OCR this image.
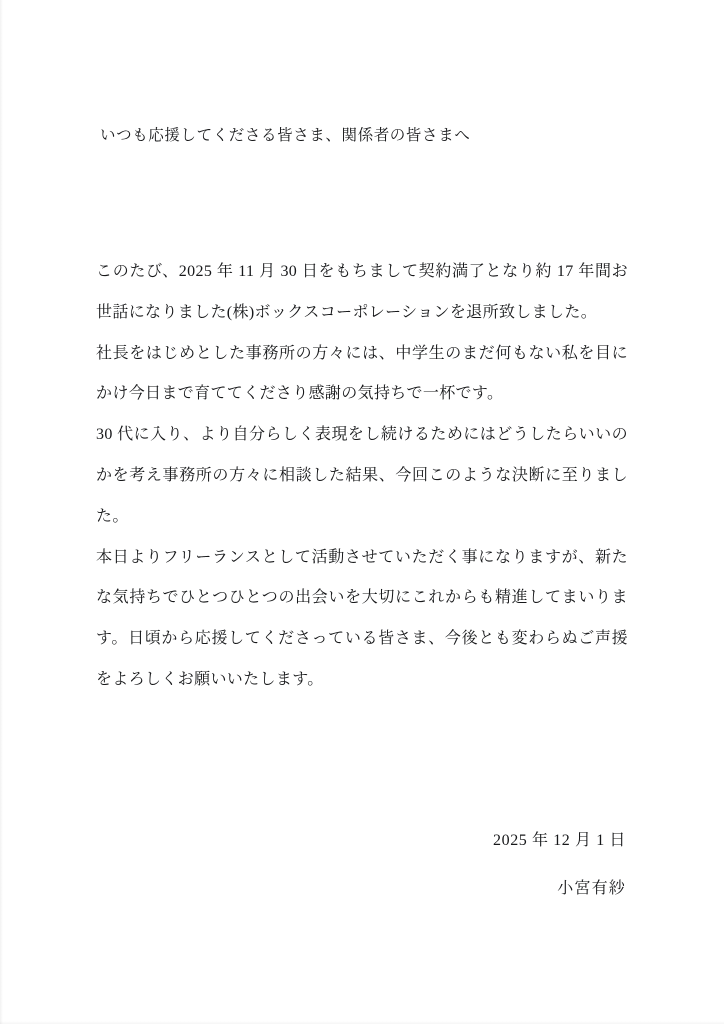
いつも応援してくださる皆さま、関係者の皆さまへ

このたび、2025 年 11 月 30 日をもちまして契約満了となり約 17 年間お世話になりました(株)ボックスコーポレーションを退所致しました。

社長をはじめとした事務所の方々には、中学生のまだ何もない私を目にかけ今日まで育ててくださり感謝の気持ちで一杯です。

30 代に入り、より自分らしく表現をし続けるためにはどうしたらいいのかを考え事務所の方々に相談した結果、今回このような決断に至りました。

本日よりフリーランスとして活動させていただく事になりますが、新たな気持ちでひとつひとつの出会いを大切にこれからも精進してまいります。日頃から応援してくださっている皆さま、今後とも変わらぬご声援をよろしくお願いいたします。

2025 年 12 月 1 日
小宮有紗
